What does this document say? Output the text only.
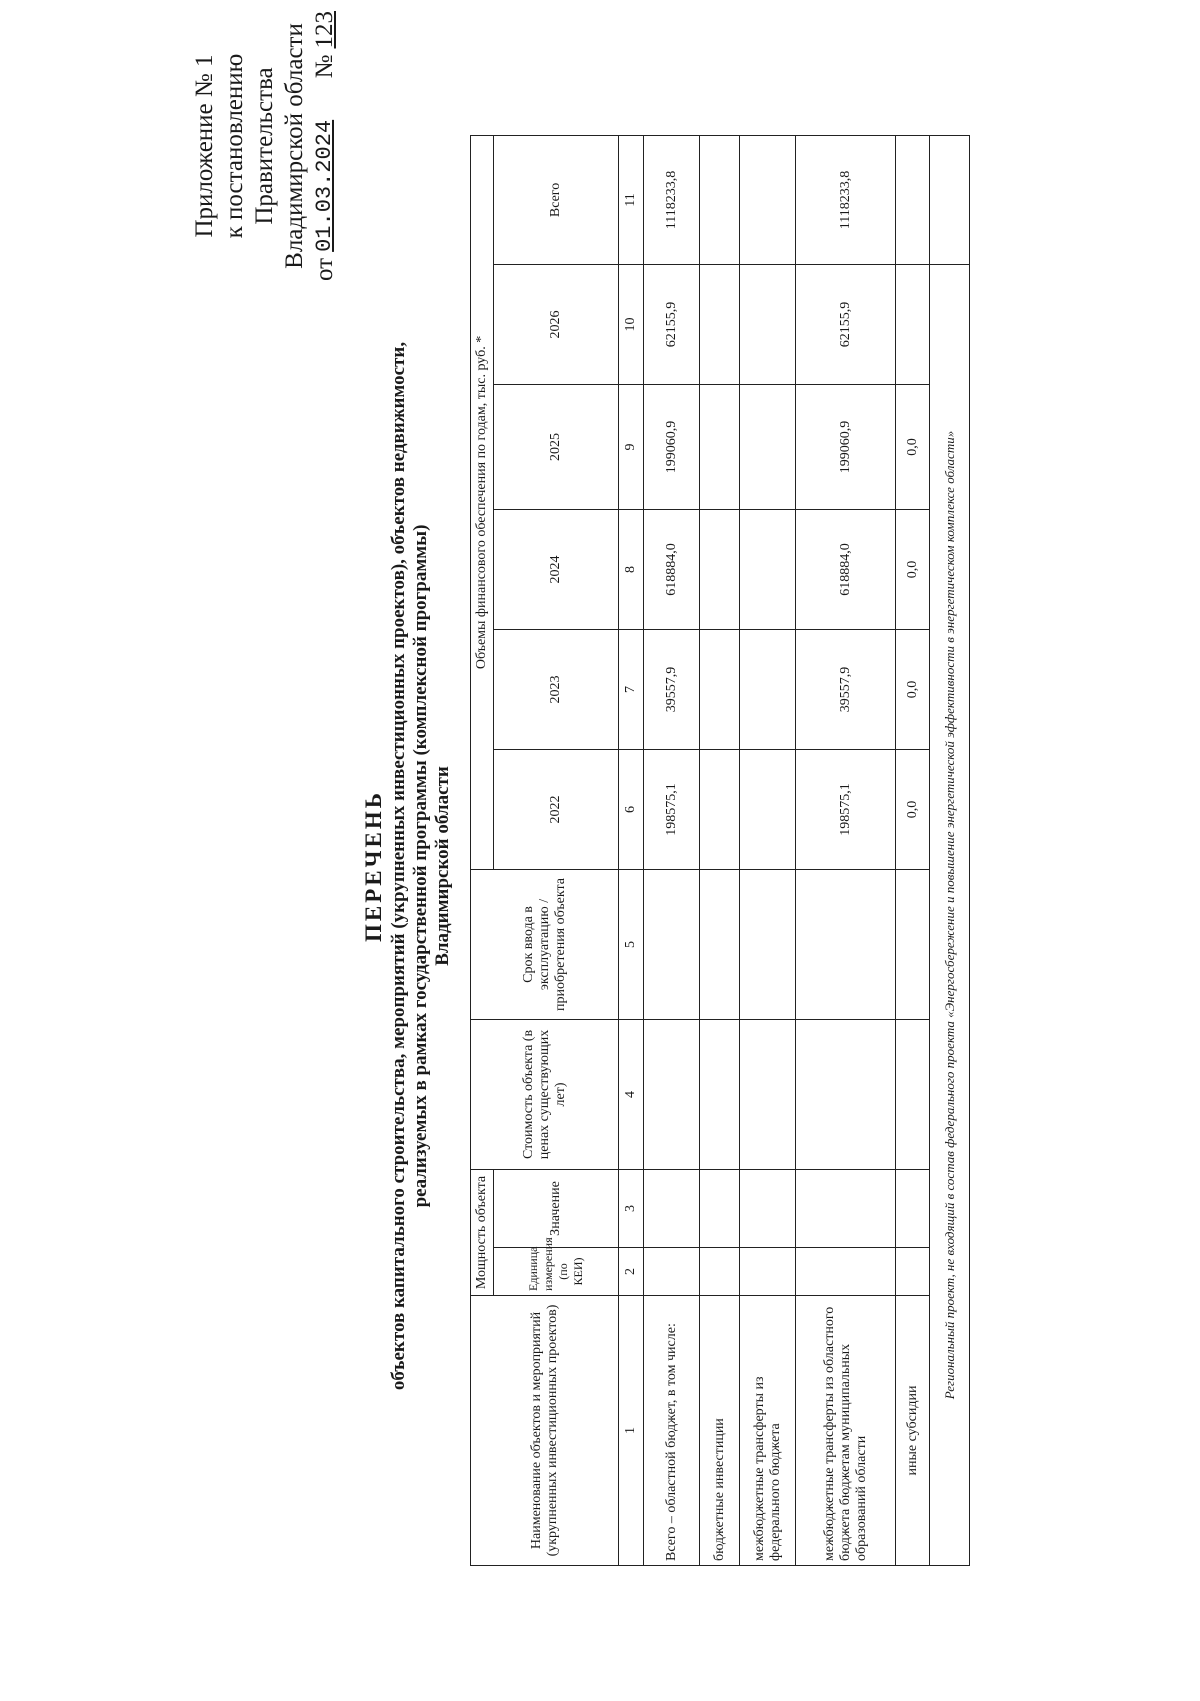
Приложение № 1 к постановлению Правительства Владимирской области
от
01.03.2024
№
123
ПЕРЕЧЕНЬ объектов капитального строительства, мероприятий (укрупненных инвестиционных проектов), объектов недвижимости, реализуемых в рамках государственной программы (комплексной программы) Владимирской области
Наименование объектов и мероприятий (укрупненных инвестиционных проектов)	Мощность объекта		Стоимость объекта (в ценах существующих лет)	Срок ввода в эксплуатацию / приобретения объекта	Объемы финансового обеспечения по годам, тыс. руб. *					
	Единица измерения (по КЕИ)	Значение			2022	2023	2024	2025	2026	Всего
1	2	3	4	5	6	7	8	9	10	11
Всего – областной бюджет, в том числе:					198575,1	39557,9	618884,0	199060,9	62155,9	1118233,8
бюджетные инвестиции										
межбюджетные трансферты из федерального бюджета										
межбюджетные трансферты из областного бюджета бюджетам муниципальных образований области					198575,1	39557,9	618884,0	199060,9	62155,9	1118233,8
иные субсидии					0,0	0,0	0,0	0,0		
Региональный проект, не входящий в состав федерального проекта «Энергосбережение и повышение энергетической эффективности в энергетическом комплексе области»										
